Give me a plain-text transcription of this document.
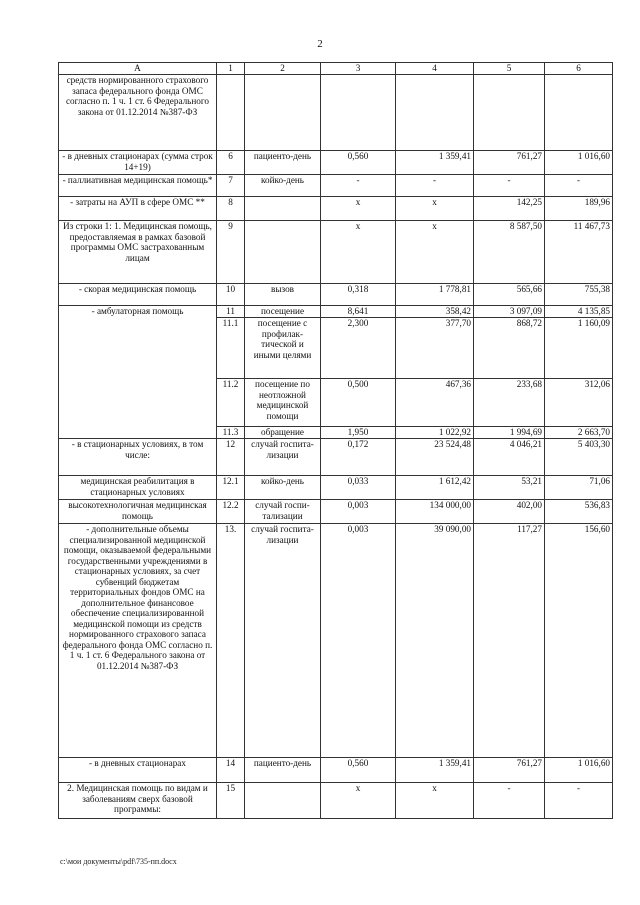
2
А	1	2	3	4	5	6
средств нормированного страхового запаса федерального фонда ОМС согласно п. 1 ч. 1 ст. 6 Федерального закона от 01.12.2014 №387-ФЗ						
- в дневных стационарах (сумма строк 14+19)	6	пациенто-день	0,560	1 359,41	761,27	1 016,60
- паллиативная медицинская помощь*	7	койко-день	-	-	-	-
- затраты на АУП в сфере ОМС **	8		х	х	142,25	189,96
Из строки 1: 1. Медицинская помощь, предоставляемая в рамках базовой программы ОМС застрахованным лицам	9		х	х	8 587,50	11 467,73
- скорая медицинская помощь	10	вызов	0,318	1 778,81	565,66	755,38
- амбулаторная помощь	11	посещение	8,641	358,42	3 097,09	4 135,85
	11.1	посещение с профилак-тической и иными целями	2,300	377,70	868,72	1 160,09
	11.2	посещение по неотложной медицинской помощи	0,500	467,36	233,68	312,06
	11.3	обращение	1,950	1 022,92	1 994,69	2 663,70
- в стационарных условиях, в том числе:	12	случай госпита-лизации	0,172	23 524,48	4 046,21	5 403,30
медицинская реабилитация в стационарных условиях	12.1	койко-день	0,033	1 612,42	53,21	71,06
высокотехнологичная медицинская помощь	12.2	случай госпи-тализации	0,003	134 000,00	402,00	536,83
- дополнительные объемы специализированной медицинской помощи, оказываемой федеральными государственными учреждениями в стационарных условиях, за счет субвенций бюджетам территориальных фондов ОМС на дополнительное финансовое обеспечение специализированной медицинской помощи из средств нормированного страхового запаса федерального фонда ОМС согласно п. 1 ч. 1 ст. 6 Федерального закона от 01.12.2014 №387-ФЗ	13.	случай госпита-лизации	0,003	39 090,00	117,27	156,60
- в дневных стационарах	14	пациенто-день	0,560	1 359,41	761,27	1 016,60
2. Медицинская помощь по видам и заболеваниям сверх базовой программы:	15		х	х	-	-
c:\мои документы\pdf\735-пп.docx
